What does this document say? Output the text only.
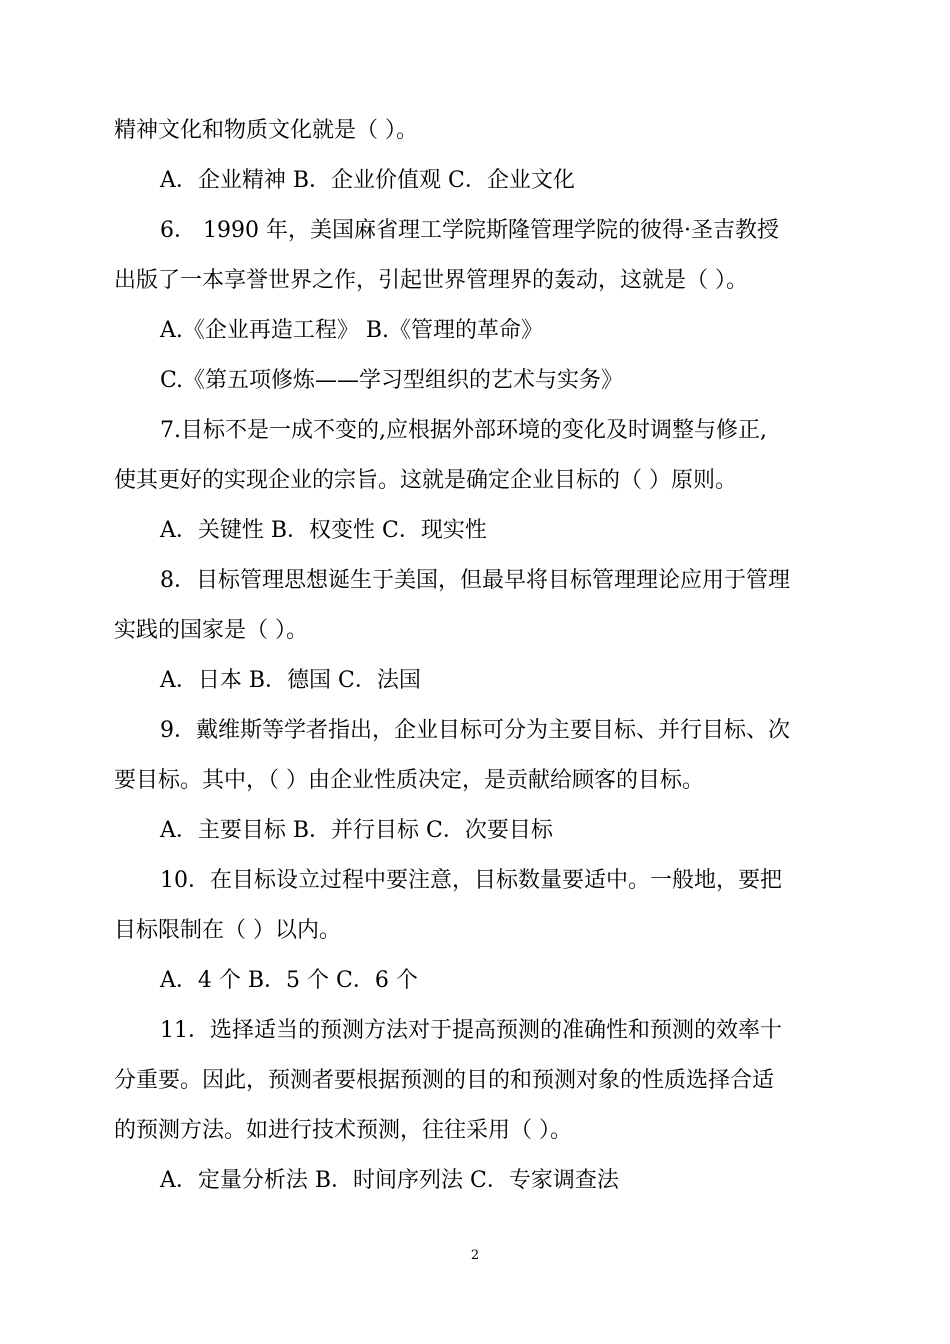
精神文化和物质文化就是（ ）。
A．企业精神 B．企业价值观 C．企业文化
6． 1990 年，美国麻省理工学院斯隆管理学院的彼得·圣吉教授
出版了一本享誉世界之作，引起世界管理界的轰动，这就是（ ）。
A.《企业再造工程》 B.《管理的革命》
C.《第五项修炼——学习型组织的艺术与实务》
7.目标不是一成不变的,应根据外部环境的变化及时调整与修正,
使其更好的实现企业的宗旨。这就是确定企业目标的（ ）原则。
A．关键性 B．权变性 C．现实性
8．目标管理思想诞生于美国，但最早将目标管理理论应用于管理
实践的国家是（ ）。
A．日本 B．德国 C．法国
9．戴维斯等学者指出，企业目标可分为主要目标、并行目标、次
要目标。其中，（ ）由企业性质决定，是贡献给顾客的目标。
A．主要目标 B．并行目标 C．次要目标
10．在目标设立过程中要注意，目标数量要适中。一般地，要把
目标限制在（ ）以内。
A．4 个 B．5 个 C．6 个
11．选择适当的预测方法对于提高预测的准确性和预测的效率十
分重要。因此，预测者要根据预测的目的和预测对象的性质选择合适
的预测方法。如进行技术预测，往往采用（ ）。
A．定量分析法 B．时间序列法 C．专家调查法
2
